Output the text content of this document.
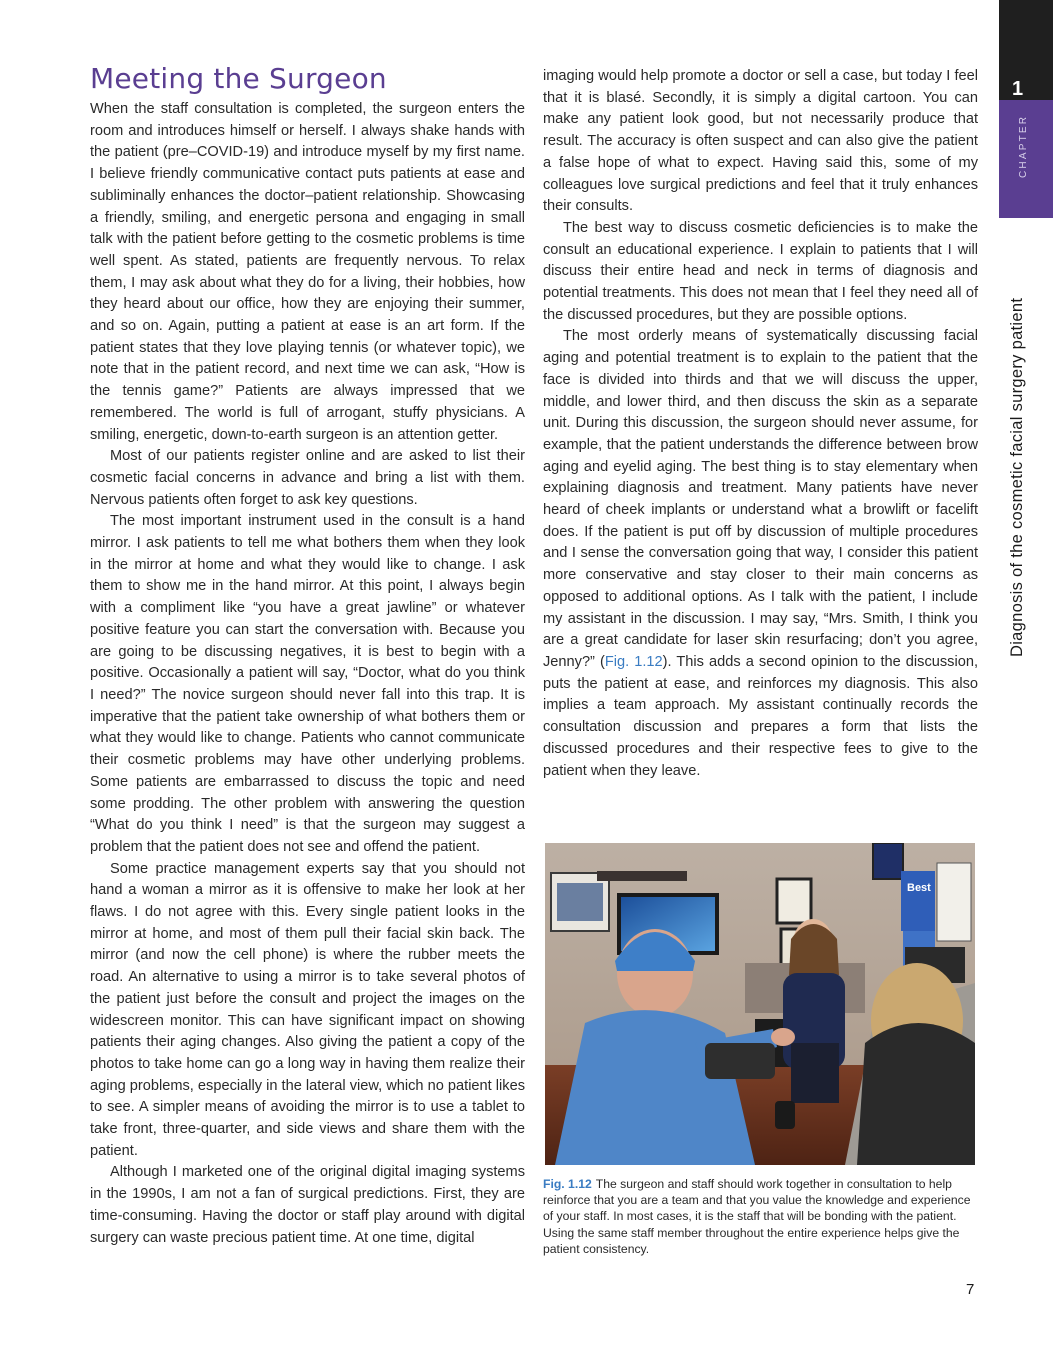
1
CHAPTER
Diagnosis of the cosmetic facial surgery patient
Meeting the Surgeon

When the staff consultation is completed, the surgeon enters the room and introduces himself or herself. I always shake hands with the patient (pre–COVID-19) and introduce myself by my first name. I believe friendly communicative contact puts patients at ease and subliminally enhances the doctor–patient relationship. Showcasing a friendly, smiling, and energetic persona and engaging in small talk with the patient before getting to the cosmetic problems is time well spent. As stated, patients are frequently nervous. To relax them, I may ask about what they do for a living, their hobbies, how they heard about our office, how they are enjoying their summer, and so on. Again, putting a patient at ease is an art form. If the patient states that they love playing tennis (or whatever topic), we note that in the patient record, and next time we can ask, “How is the tennis game?” Patients are always impressed that we remembered. The world is full of arrogant, stuffy physicians. A smiling, energetic, down-to-earth surgeon is an attention getter.

Most of our patients register online and are asked to list their cosmetic facial concerns in advance and bring a list with them. Nervous patients often forget to ask key questions.

The most important instrument used in the consult is a hand mirror. I ask patients to tell me what bothers them when they look in the mirror at home and what they would like to change. I ask them to show me in the hand mirror. At this point, I always begin with a compliment like “you have a great jawline” or whatever positive feature you can start the conversation with. Because you are going to be discussing negatives, it is best to begin with a positive. Occasionally a patient will say, “Doctor, what do you think I need?” The novice surgeon should never fall into this trap. It is imperative that the patient take ownership of what bothers them or what they would like to change. Patients who cannot communicate their cosmetic problems may have other underlying problems. Some patients are embarrassed to discuss the topic and need some prodding. The other problem with answering the question “What do you think I need” is that the surgeon may suggest a problem that the patient does not see and offend the patient.

Some practice management experts say that you should not hand a woman a mirror as it is offensive to make her look at her flaws. I do not agree with this. Every single patient looks in the mirror at home, and most of them pull their facial skin back. The mirror (and now the cell phone) is where the rubber meets the road. An alternative to using a mirror is to take several photos of the patient just before the consult and project the images on the widescreen monitor. This can have significant impact on showing patients their aging changes. Also giving the patient a copy of the photos to take home can go a long way in having them realize their aging problems, especially in the lateral view, which no patient likes to see. A simpler means of avoiding the mirror is to use a tablet to take front, three-quarter, and side views and share them with the patient.

Although I marketed one of the original digital imaging systems in the 1990s, I am not a fan of surgical predictions. First, they are time-consuming. Having the doctor or staff play around with digital surgery can waste precious patient time. At one time, digital

imaging would help promote a doctor or sell a case, but today I feel that it is blasé. Secondly, it is simply a digital cartoon. You can make any patient look good, but not necessarily produce that result. The accuracy is often suspect and can also give the patient a false hope of what to expect. Having said this, some of my colleagues love surgical predictions and feel that it truly enhances their consults.

The best way to discuss cosmetic deficiencies is to make the consult an educational experience. I explain to patients that I will discuss their entire head and neck in terms of diagnosis and potential treatments. This does not mean that I feel they need all of the discussed procedures, but they are possible options.

The most orderly means of systematically discussing facial aging and potential treatment is to explain to the patient that the face is divided into thirds and that we will discuss the upper, middle, and lower third, and then discuss the skin as a separate unit. During this discussion, the surgeon should never assume, for example, that the patient understands the difference between brow aging and eyelid aging. The best thing is to stay elementary when explaining diagnosis and treatment. Many patients have never heard of cheek implants or understand what a browlift or facelift does. If the patient is put off by discussion of multiple procedures and I sense the conversation going that way, I consider this patient more conservative and stay closer to their main concerns as opposed to additional options. As I talk with the patient, I include my assistant in the discussion. I may say, “Mrs. Smith, I think you are a great candidate for laser skin resurfacing; don’t you agree, Jenny?” (Fig. 1.12). This adds a second opinion to the discussion, puts the patient at ease, and reinforces my diagnosis. This also implies a team approach. My assistant continually records the consultation discussion and prepares a form that lists the discussed procedures and their respective fees to give to the patient when they leave.

Best

Fig. 1.12 The surgeon and staff should work together in consultation to help reinforce that you are a team and that you value the knowledge and experience of your staff. In most cases, it is the staff that will be bonding with the patient. Using the same staff member throughout the entire experience helps give the patient consistency.

7
